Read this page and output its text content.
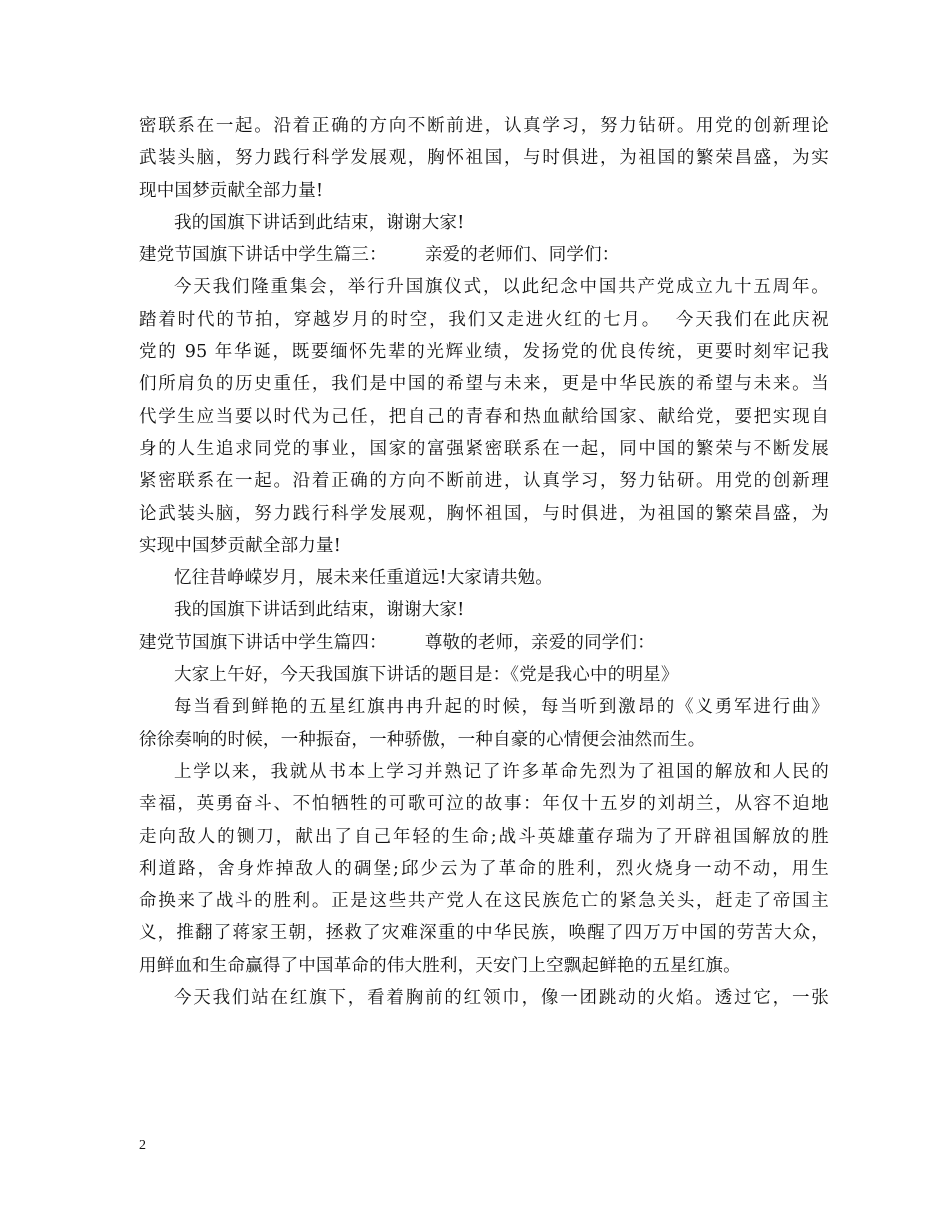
密联系在一起。沿着正确的方向不断前进，认真学习，努力钻研。用党的创新理论
武装头脑，努力践行科学发展观，胸怀祖国，与时俱进，为祖国的繁荣昌盛，为实
现中国梦贡献全部力量!
我的国旗下讲话到此结束，谢谢大家!
建党节国旗下讲话中学生篇三： 亲爱的老师们、同学们：
今天我们隆重集会，举行升国旗仪式，以此纪念中国共产党成立九十五周年。
踏着时代的节拍，穿越岁月的时空，我们又走进火红的七月。  今天我们在此庆祝
党的 95 年华诞，既要缅怀先辈的光辉业绩，发扬党的优良传统，更要时刻牢记我
们所肩负的历史重任，我们是中国的希望与未来，更是中华民族的希望与未来。当
代学生应当要以时代为己任，把自己的青春和热血献给国家、献给党，要把实现自
身的人生追求同党的事业，国家的富强紧密联系在一起，同中国的繁荣与不断发展
紧密联系在一起。沿着正确的方向不断前进，认真学习，努力钻研。用党的创新理
论武装头脑，努力践行科学发展观，胸怀祖国，与时俱进，为祖国的繁荣昌盛，为
实现中国梦贡献全部力量!
忆往昔峥嵘岁月，展未来任重道远!大家请共勉。
我的国旗下讲话到此结束，谢谢大家!
建党节国旗下讲话中学生篇四： 尊敬的老师，亲爱的同学们：
大家上午好，今天我国旗下讲话的题目是：《党是我心中的明星》
每当看到鲜艳的五星红旗冉冉升起的时候，每当听到激昂的《义勇军进行曲》
徐徐奏响的时候，一种振奋，一种骄傲，一种自豪的心情便会油然而生。
上学以来，我就从书本上学习并熟记了许多革命先烈为了祖国的解放和人民的
幸福，英勇奋斗、不怕牺牲的可歌可泣的故事：年仅十五岁的刘胡兰，从容不迫地
走向敌人的铡刀，献出了自己年轻的生命;战斗英雄董存瑞为了开辟祖国解放的胜
利道路，舍身炸掉敌人的碉堡;邱少云为了革命的胜利，烈火烧身一动不动，用生
命换来了战斗的胜利。正是这些共产党人在这民族危亡的紧急关头，赶走了帝国主
义，推翻了蒋家王朝，拯救了灾难深重的中华民族，唤醒了四万万中国的劳苦大众，
用鲜血和生命赢得了中国革命的伟大胜利，天安门上空飘起鲜艳的五星红旗。
今天我们站在红旗下，看着胸前的红领巾，像一团跳动的火焰。透过它，一张
2
